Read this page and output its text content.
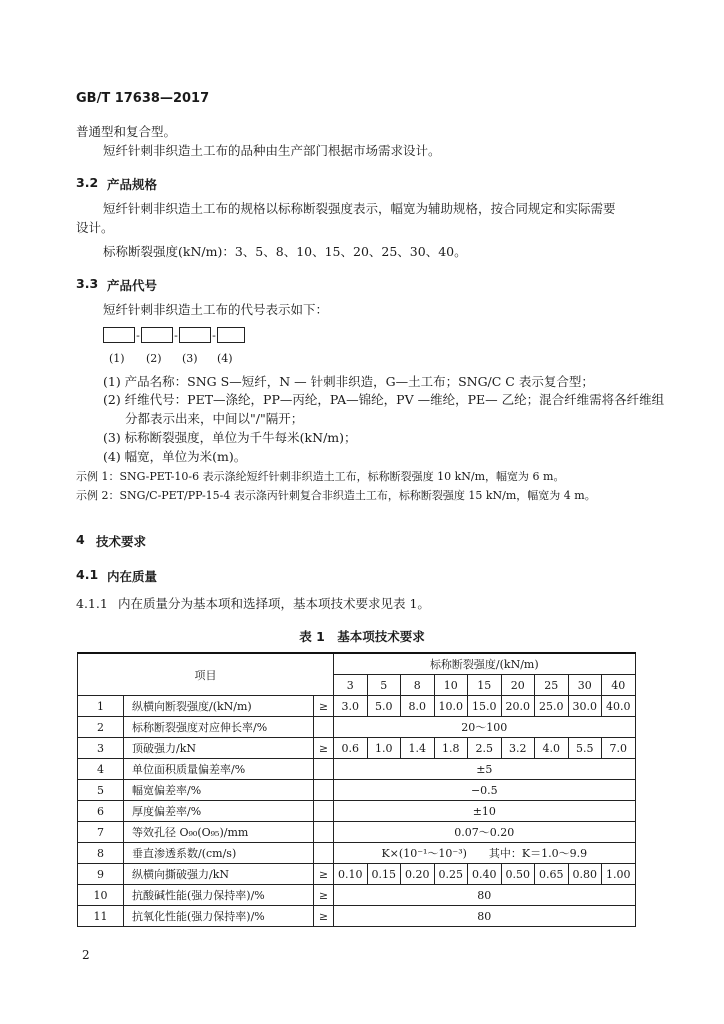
GB/T 17638—2017
普通型和复合型。
短纤针刺非织造土工布的品种由生产部门根据市场需求设计。
3.2 产品规格
短纤针刺非织造土工布的规格以标称断裂强度表示，幅宽为辅助规格，按合同规定和实际需要
设计。
标称断裂强度(kN/m)：3、5、8、10、15、20、25、30、40。
3.3 产品代号
短纤针刺非织造土工布的代号表示如下：
-	-	-
(1) (2) (3) (4)
(1) 产品名称：SNG S—短纤，N — 针刺非织造，G—土工布；SNG/C C 表示复合型；
(2) 纤维代号：PET—涤纶，PP—丙纶，PA—锦纶，PV —维纶，PE— 乙纶；混合纤维需将各纤维组
分都表示出来，中间以"/"隔开；
(3) 标称断裂强度，单位为千牛每米(kN/m)；
(4) 幅宽，单位为米(m)。
示例 1：SNG-PET-10-6 表示涤纶短纤针刺非织造土工布，标称断裂强度 10 kN/m，幅宽为 6 m。
示例 2：SNG/C-PET/PP-15-4 表示涤丙针刺复合非织造土工布，标称断裂强度 15 kN/m，幅宽为 4 m。
4 技术要求
4.1 内在质量
4.1.1 内在质量分为基本项和选择项，基本项技术要求见表 1。
表 1　基本项技术要求
项目			标称断裂强度/(kN/m)								
			3	5	8	10	15	20	25	30	40
1	纵横向断裂强度/(kN/m)	≥	3.0	5.0	8.0	10.0	15.0	20.0	25.0	30.0	40.0
2	标称断裂强度对应伸长率/%		20～100								
3	顶破强力/kN	≥	0.6	1.0	1.4	1.8	2.5	3.2	4.0	5.5	7.0
4	单位面积质量偏差率/%		±5								
5	幅宽偏差率/%		−0.5								
6	厚度偏差率/%		±10								
7	等效孔径 O₉₀(O₉₅)/mm		0.07～0.20								
8	垂直渗透系数/(cm/s)		K×(10⁻¹～10⁻³)　　其中：K＝1.0～9.9								
9	纵横向撕破强力/kN	≥	0.10	0.15	0.20	0.25	0.40	0.50	0.65	0.80	1.00
10	抗酸碱性能(强力保持率)/%	≥	80								
11	抗氧化性能(强力保持率)/%	≥	80								
2
